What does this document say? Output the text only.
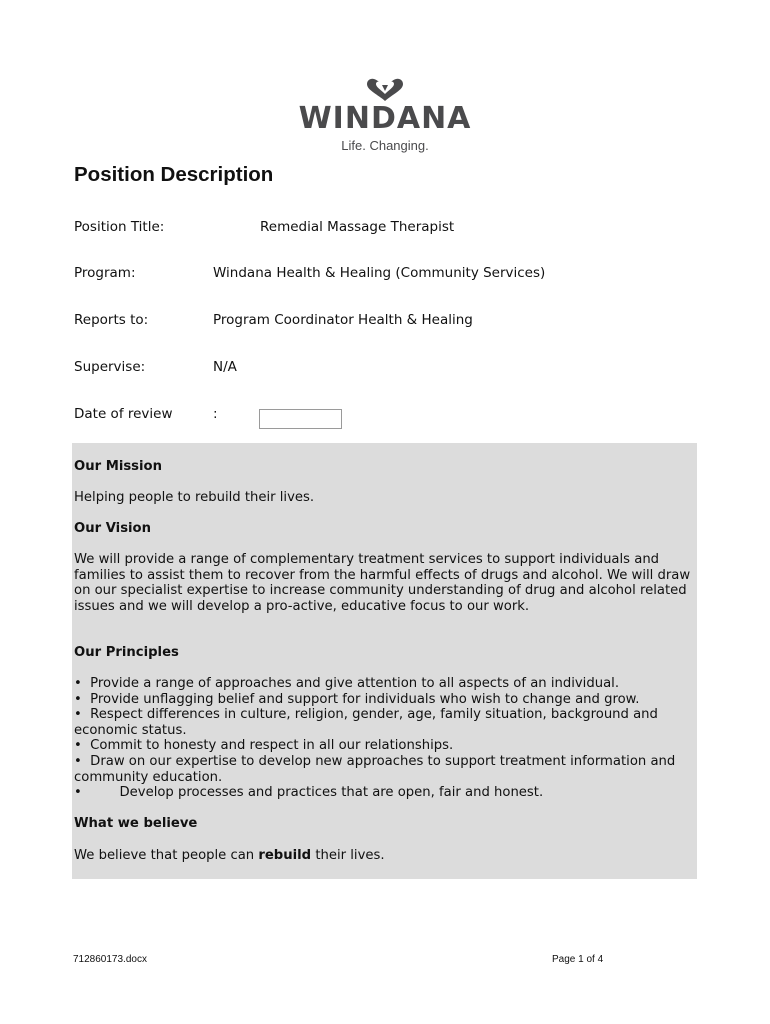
WINDANA
Life. Changing.
Position Description
Position Title:	Remedial Massage Therapist
Program:	Windana Health & Healing (Community Services)
Reports to:	Program Coordinator Health & Healing
Supervise:	N/A
Date of review	:

Our Mission

Helping people to rebuild their lives.

Our Vision

We will provide a range of complementary treatment services to support individuals and families to assist them to recover from the harmful effects of drugs and alcohol. We will draw on our specialist expertise to increase community understanding of drug and alcohol related issues and we will develop a pro-active, educative focus to our work.

Our Principles

• Provide a range of approaches and give attention to all aspects of an individual.
• Provide unflagging belief and support for individuals who wish to change and grow.
• Respect differences in culture, religion, gender, age, family situation, background and economic status.
• Commit to honesty and respect in all our relationships.
• Draw on our expertise to develop new approaches to support treatment information and community education.
•	Develop processes and practices that are open, fair and honest.

What we believe

We believe that people can rebuild their lives.

712860173.docx	Page 1 of 4
